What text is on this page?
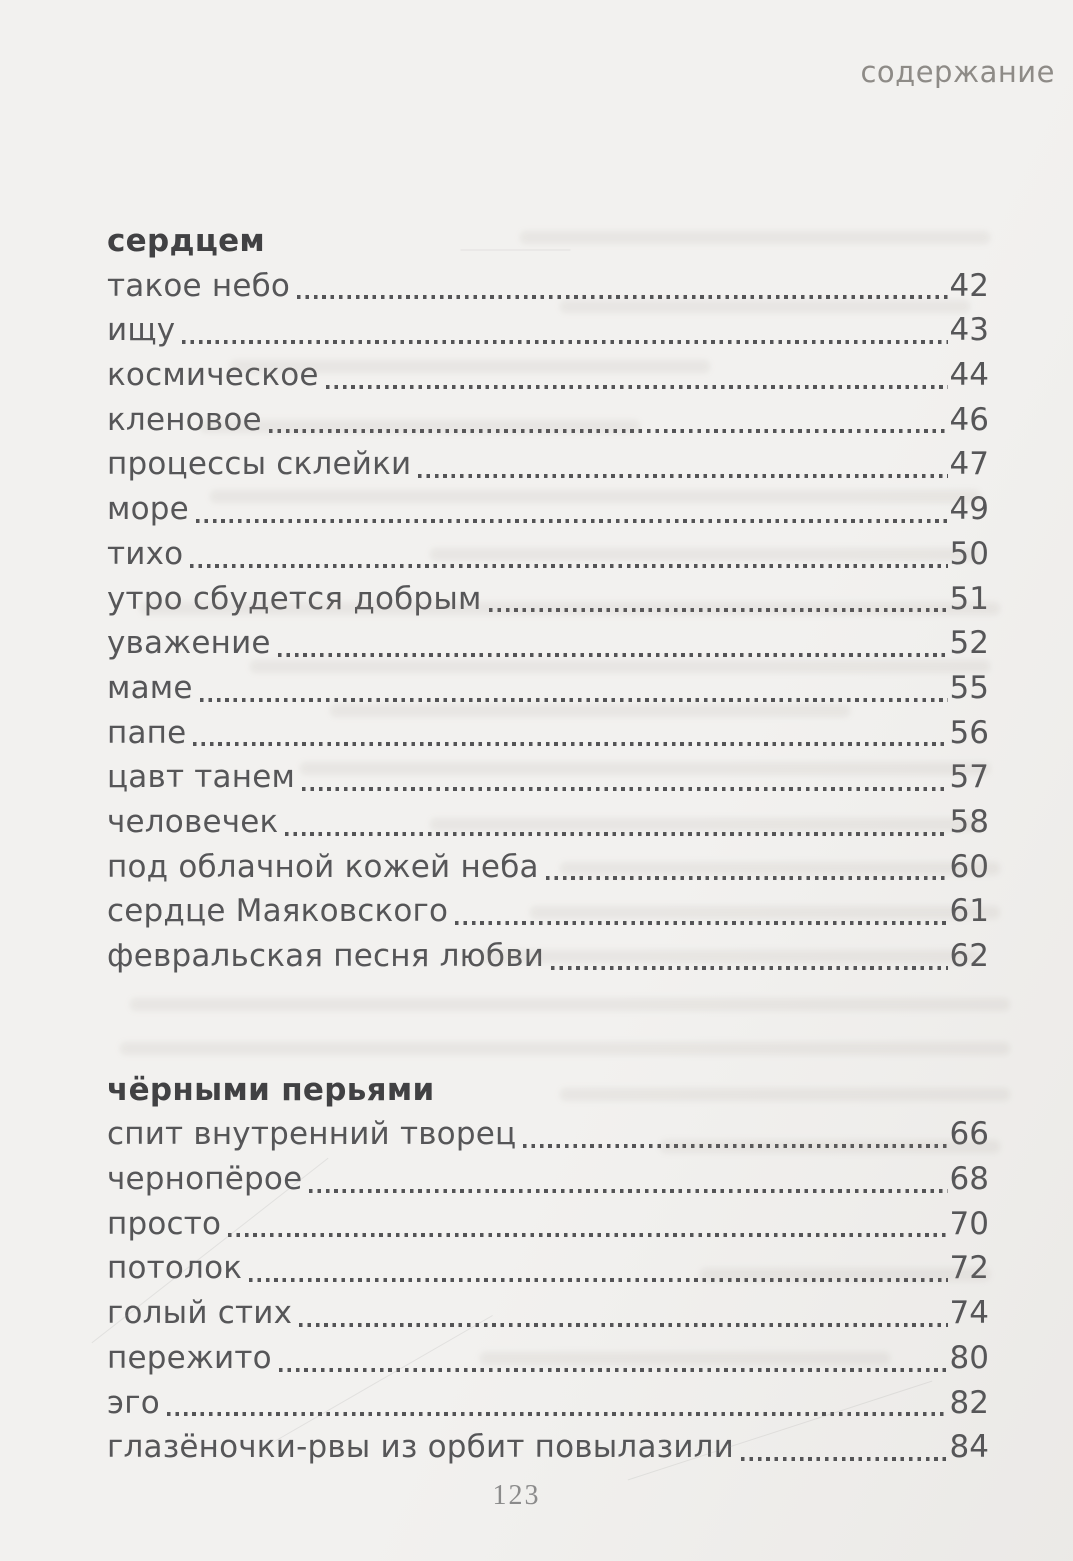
содержание
сердцем
такое небо	42
ищу	43
космическое	44
кленовое	46
процессы склейки	47
море	49
тихо	50
утро сбудется добрым	51
уважение	52
маме	55
папе	56
цавт танем	57
человечек	58
под облачной кожей неба	60
сердце Маяковского	61
февральская песня любви	62
чёрными перьями
спит внутренний творец	66
чернопёрое	68
просто	70
потолок	72
голый стих	74
пережито	80
эго	82
глазёночки-рвы из орбит повылазили	84
123
